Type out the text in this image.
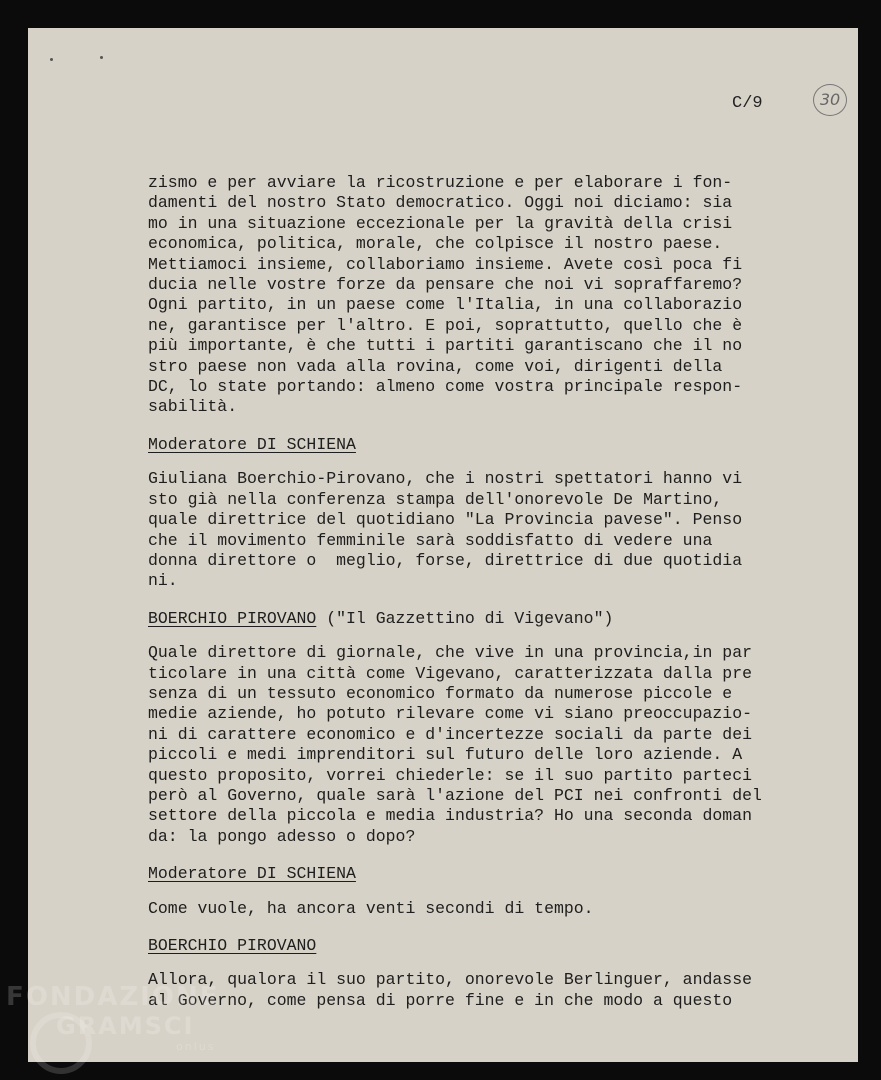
30
C/9
zismo e per avviare la ricostruzione e per elaborare i fon-
damenti del nostro Stato democratico. Oggi noi diciamo: sia
mo in una situazione eccezionale per la gravità della crisi
economica, politica, morale, che colpisce il nostro paese.
Mettiamoci insieme, collaboriamo insieme. Avete così poca fi
ducia nelle vostre forze da pensare che noi vi sopraffaremo?
Ogni partito, in un paese come l'Italia, in una collaborazio
ne, garantisce per l'altro. E poi, soprattutto, quello che è
più importante, è che tutti i partiti garantiscano che il no
stro paese non vada alla rovina, come voi, dirigenti della
DC, lo state portando: almeno come vostra principale respon-
sabilità.
Moderatore DI SCHIENA
Giuliana Boerchio-Pirovano, che i nostri spettatori hanno vi
sto già nella conferenza stampa dell'onorevole De Martino,
quale direttrice del quotidiano "La Provincia pavese". Penso
che il movimento femminile sarà soddisfatto di vedere una
donna direttore o  meglio, forse, direttrice di due quotidia
ni.
BOERCHIO PIROVANO ("Il Gazzettino di Vigevano")
Quale direttore di giornale, che vive in una provincia,in par
ticolare in una città come Vigevano, caratterizzata dalla pre
senza di un tessuto economico formato da numerose piccole e
medie aziende, ho potuto rilevare come vi siano preoccupazio-
ni di carattere economico e d'incertezze sociali da parte dei
piccoli e medi imprenditori sul futuro delle loro aziende. A
questo proposito, vorrei chiederle: se il suo partito parteci
però al Governo, quale sarà l'azione del PCI nei confronti del
settore della piccola e media industria? Ho una seconda doman
da: la pongo adesso o dopo?
Moderatore DI SCHIENA
Come vuole, ha ancora venti secondi di tempo.
BOERCHIO PIROVANO
Allora, qualora il suo partito, onorevole Berlinguer, andasse
al Governo, come pensa di porre fine e in che modo a questo
FONDAZIONE
GRAMSCI
onlus
